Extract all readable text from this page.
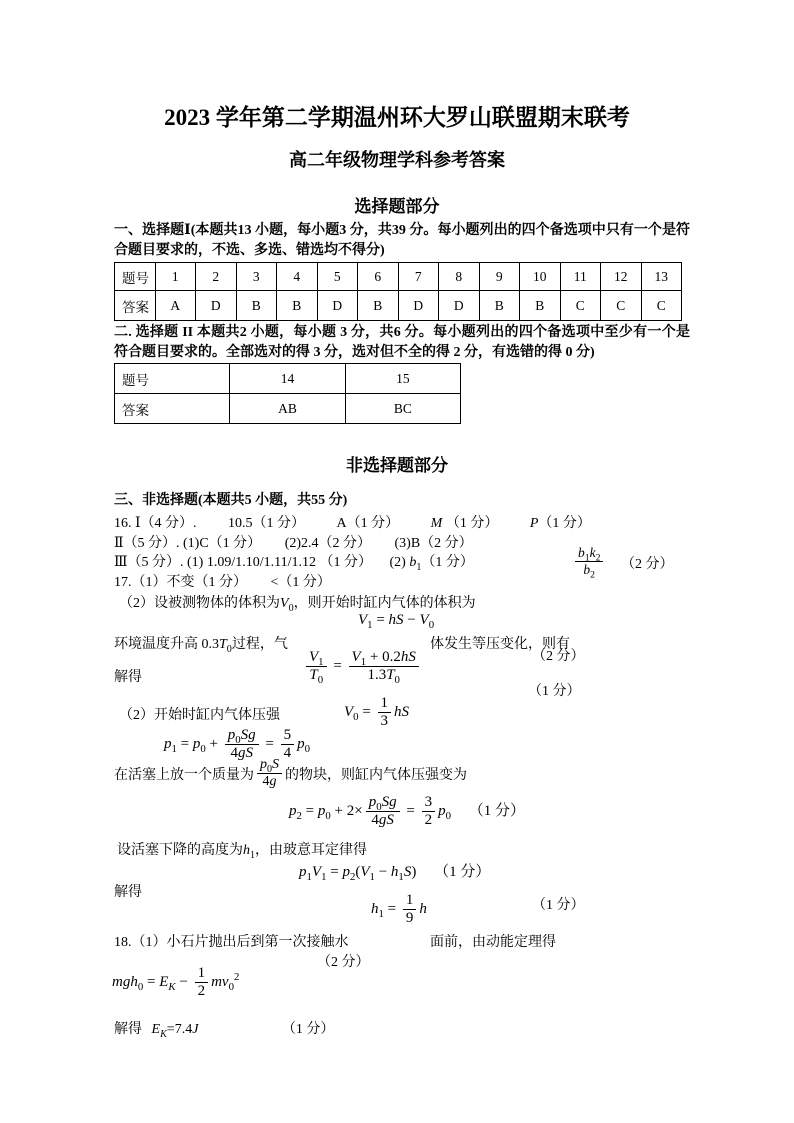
2023 学年第二学期温州环大罗山联盟期末联考
高二年级物理学科参考答案
选择题部分
一、选择题Ⅰ(本题共13 小题，每小题3 分，共39 分。每小题列出的四个备选项中只有一个是符合题目要求的，不选、多选、错选均不得分)
题号	1	2	3	4	5	6	7	8	9	10	11	12	13
答案	A	D	B	B	D	B	D	D	B	B	C	C	C
二. 选择题 II 本题共2 小题，每小题 3 分，共6 分。每小题列出的四个备选项中至少有一个是符合题目要求的。全部选对的得 3 分，选对但不全的得 2 分，有选错的得 0 分)
题号	14	15
答案	AB	BC
非选择题部分
三、非选择题(本题共5 小题，共55 分)
16. Ⅰ（4 分）. 10.5（1 分） A（1 分） M （1 分） P（1 分）
Ⅱ（5 分）. (1)C（1 分） (2)2.4（2 分） (3)B（2 分）
Ⅲ（5 分）. (1) 1.09/1.10/1.11/1.12 （1 分） (2) $b_1(1$ 分）	$\frac{b_1k_2}{b_2} (2$ 分）
17.（1）不变（1 分） <（1 分）
（2）设被测物体的体积为$V_0$，则开始时缸内气体的体积为
$V_1$ = hS − $V_0$
环境温度升高 $0.3T_0$过程，气	体发生等压变化，则有
（2 分）
解得	$\frac{V_1}{T_0} = \frac{V_1 + 0.2hS}{1.3T_0}$
（1 分）
（2）开始时缸内气体压强	$V_0 = \frac{1}{3}$ hS
$p_1 = p_0 + \frac{p_0Sg}{4gS} = \frac{5}{4} p_0$
在活塞上放一个质量为 $\frac{p_0S}{4g}$ 的物块，则缸内气体压强变为
$p_2 = p_0 + 2\times \frac{p_0Sg}{4gS} = \frac{3}{2} p_0$ （1 分）
设活塞下降的高度为$h_1$，由玻意耳定律得
$p_1V_1 = p_2(V_1 - h_1S)$ （1 分）
解得
（1 分）
$h_1 = \frac{1}{9}$ h
18.（1）小石片抛出后到第一次接触水	面前，由动能定理得
（2 分）
$mgh_0 = E_K - \frac{1}{2} mv_0^2$
解得 $E_K=7.4J$	（1 分）
